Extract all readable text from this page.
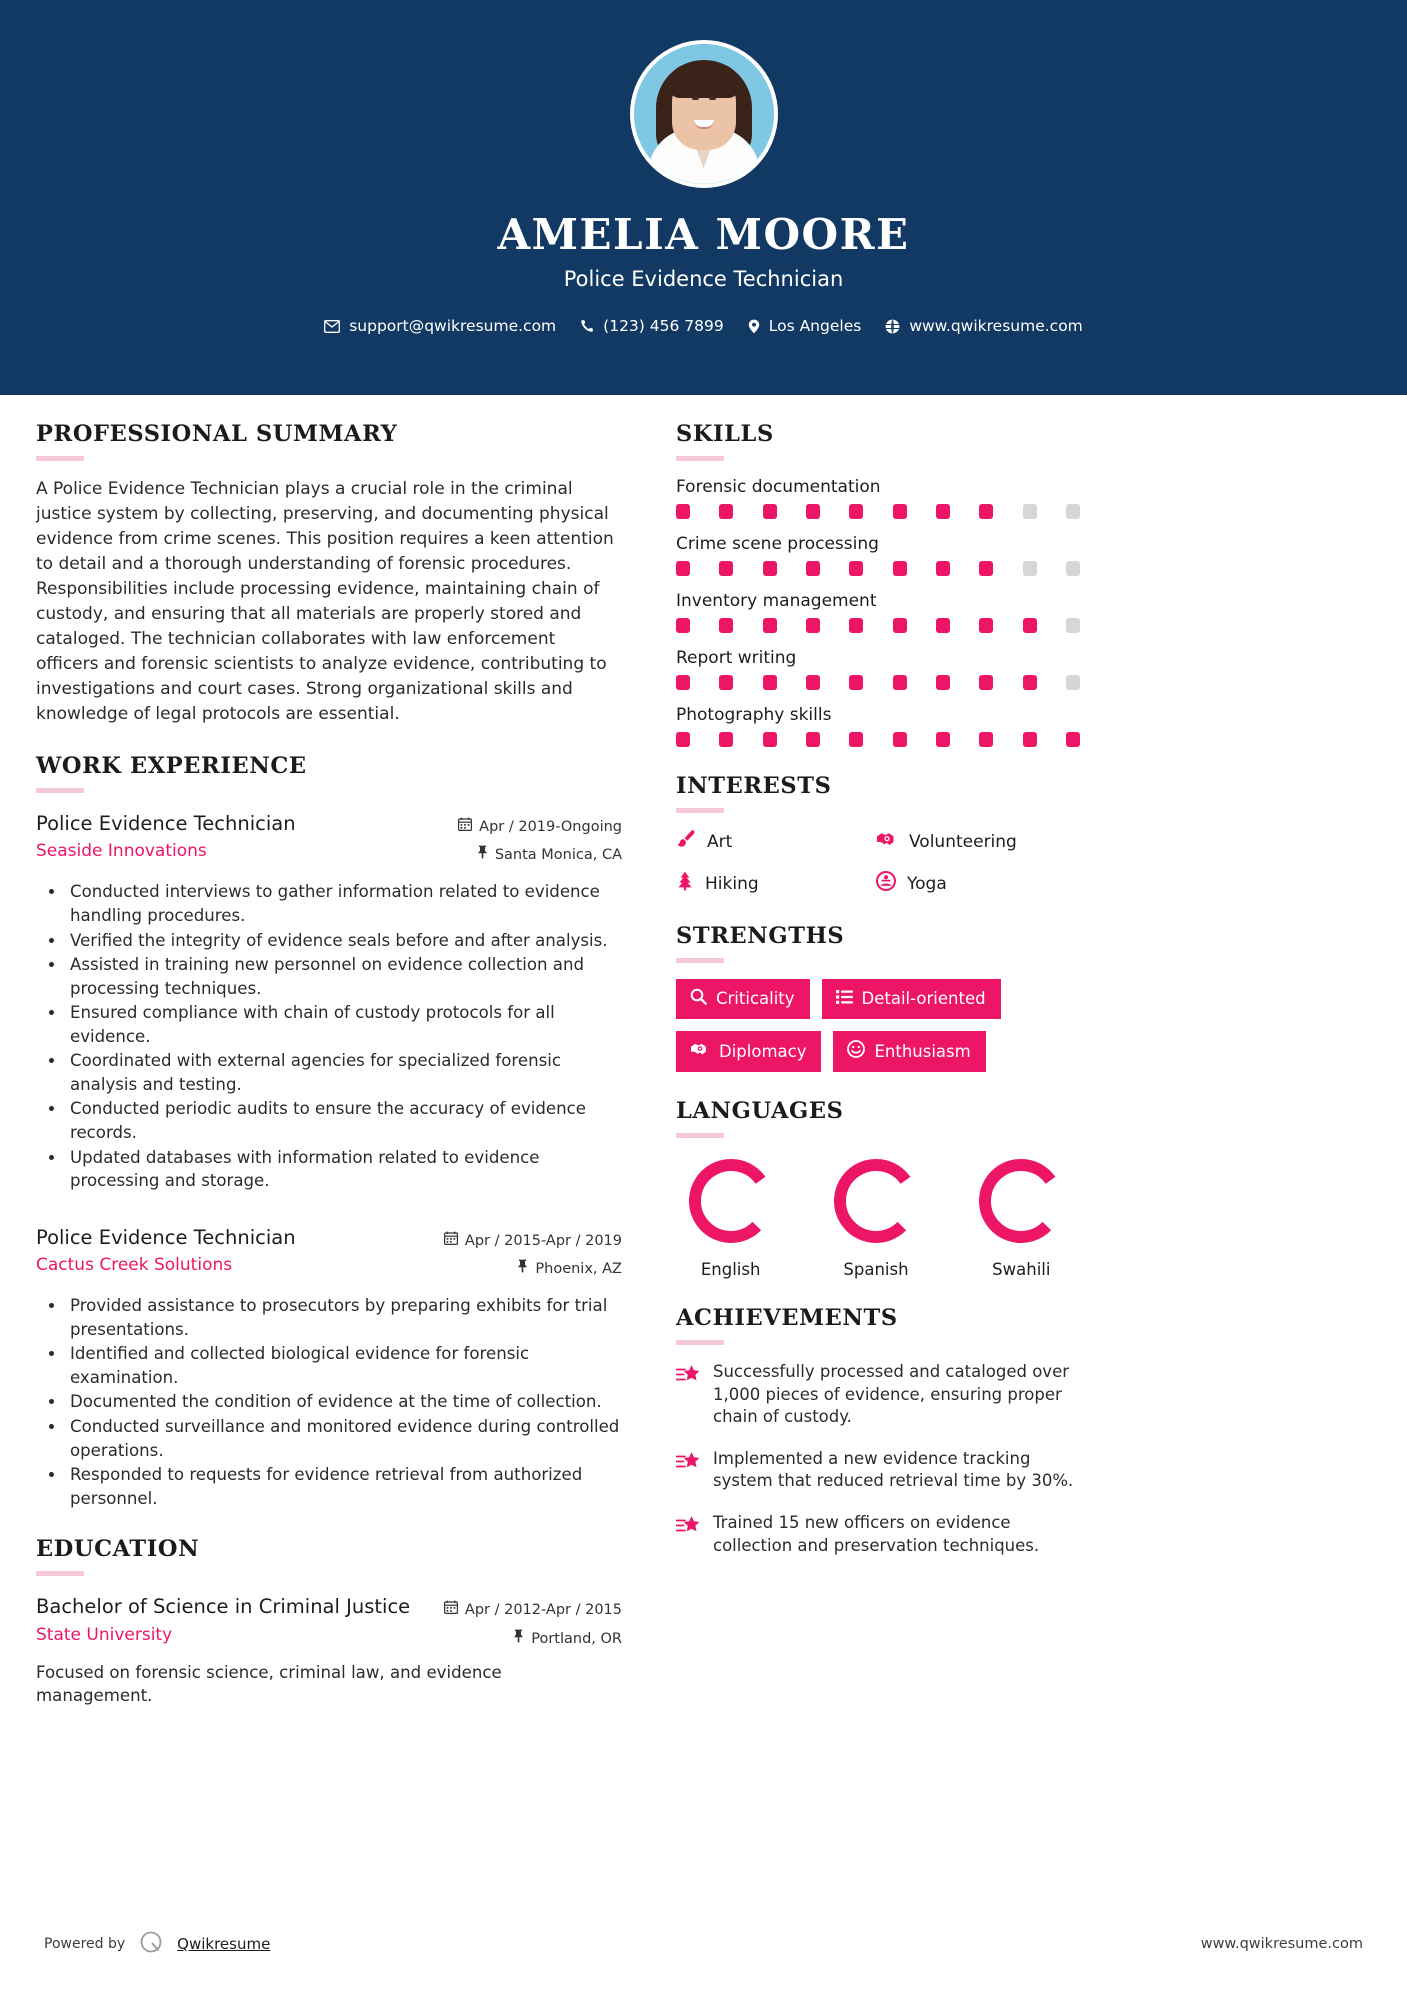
AMELIA MOORE
Police Evidence Technician
support@qwikresume.com	(123) 456 7899	Los Angeles	www.qwikresume.com
PROFESSIONAL SUMMARY
A Police Evidence Technician plays a crucial role in the criminal justice system by collecting, preserving, and documenting physical evidence from crime scenes. This position requires a keen attention to detail and a thorough understanding of forensic procedures. Responsibilities include processing evidence, maintaining chain of custody, and ensuring that all materials are properly stored and cataloged. The technician collaborates with law enforcement officers and forensic scientists to analyze evidence, contributing to investigations and court cases. Strong organizational skills and knowledge of legal protocols are essential.
WORK EXPERIENCE
Police Evidence Technician
Seaside Innovations
Apr / 2019-Ongoing
Santa Monica, CA
• Conducted interviews to gather information related to evidence handling procedures.
• Verified the integrity of evidence seals before and after analysis.
• Assisted in training new personnel on evidence collection and processing techniques.
• Ensured compliance with chain of custody protocols for all evidence.
• Coordinated with external agencies for specialized forensic analysis and testing.
• Conducted periodic audits to ensure the accuracy of evidence records.
• Updated databases with information related to evidence processing and storage.
Police Evidence Technician
Cactus Creek Solutions
Apr / 2015-Apr / 2019
Phoenix, AZ
• Provided assistance to prosecutors by preparing exhibits for trial presentations.
• Identified and collected biological evidence for forensic examination.
• Documented the condition of evidence at the time of collection.
• Conducted surveillance and monitored evidence during controlled operations.
• Responded to requests for evidence retrieval from authorized personnel.
EDUCATION
Bachelor of Science in Criminal Justice
State University
Apr / 2012-Apr / 2015
Portland, OR
Focused on forensic science, criminal law, and evidence management.
SKILLS
Forensic documentation
Crime scene processing
Inventory management
Report writing
Photography skills
INTERESTS
Art	Volunteering
Hiking	Yoga
STRENGTHS
Criticality	Detail-oriented
Diplomacy	Enthusiasm
LANGUAGES
English	Spanish	Swahili
ACHIEVEMENTS
Successfully processed and cataloged over 1,000 pieces of evidence, ensuring proper chain of custody.
Implemented a new evidence tracking system that reduced retrieval time by 30%.
Trained 15 new officers on evidence collection and preservation techniques.
Powered by	Qwikresume	www.qwikresume.com
